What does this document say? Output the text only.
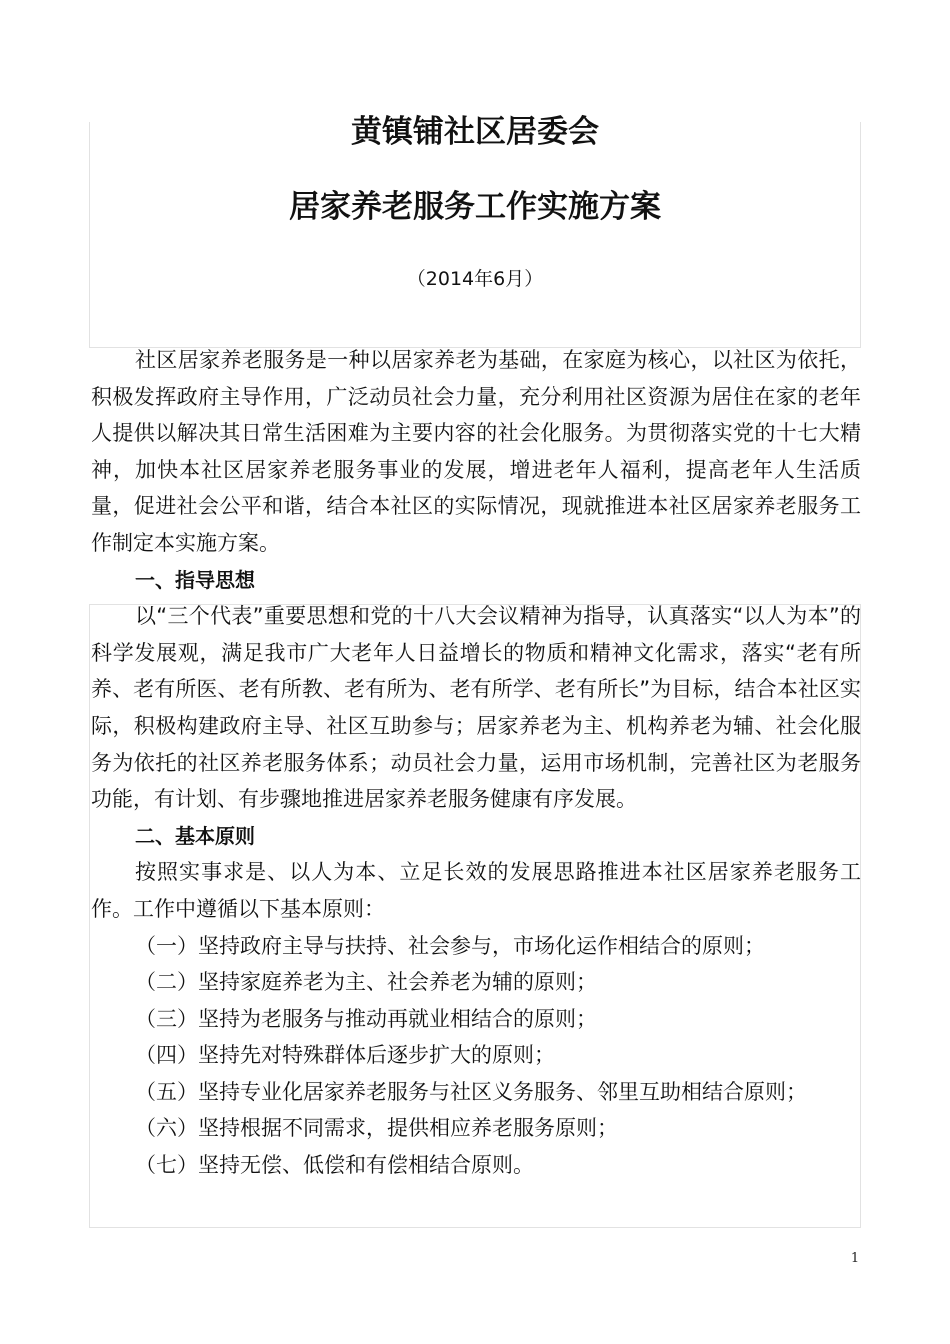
黄镇铺社区居委会
居家养老服务工作实施方案
（2014年6月）

社区居家养老服务是一种以居家养老为基础，在家庭为核心，以社区为依托，积极发挥政府主导作用，广泛动员社会力量，充分利用社区资源为居住在家的老年人提供以解决其日常生活困难为主要内容的社会化服务。为贯彻落实党的十七大精神，加快本社区居家养老服务事业的发展，增进老年人福利，提高老年人生活质量，促进社会公平和谐，结合本社区的实际情况，现就推进本社区居家养老服务工作制定本实施方案。

一、指导思想

以“三个代表”重要思想和党的十八大会议精神为指导，认真落实“以人为本”的科学发展观，满足我市广大老年人日益增长的物质和精神文化需求，落实“老有所养、老有所医、老有所教、老有所为、老有所学、老有所长”为目标，结合本社区实际，积极构建政府主导、社区互助参与；居家养老为主、机构养老为辅、社会化服务为依托的社区养老服务体系；动员社会力量，运用市场机制，完善社区为老服务功能，有计划、有步骤地推进居家养老服务健康有序发展。

二、基本原则

按照实事求是、以人为本、立足长效的发展思路推进本社区居家养老服务工作。工作中遵循以下基本原则：

（一）坚持政府主导与扶持、社会参与，市场化运作相结合的原则；

（二）坚持家庭养老为主、社会养老为辅的原则；

（三）坚持为老服务与推动再就业相结合的原则；

（四）坚持先对特殊群体后逐步扩大的原则；

（五）坚持专业化居家养老服务与社区义务服务、邻里互助相结合原则；

（六）坚持根据不同需求，提供相应养老服务原则；

（七）坚持无偿、低偿和有偿相结合原则。

1
